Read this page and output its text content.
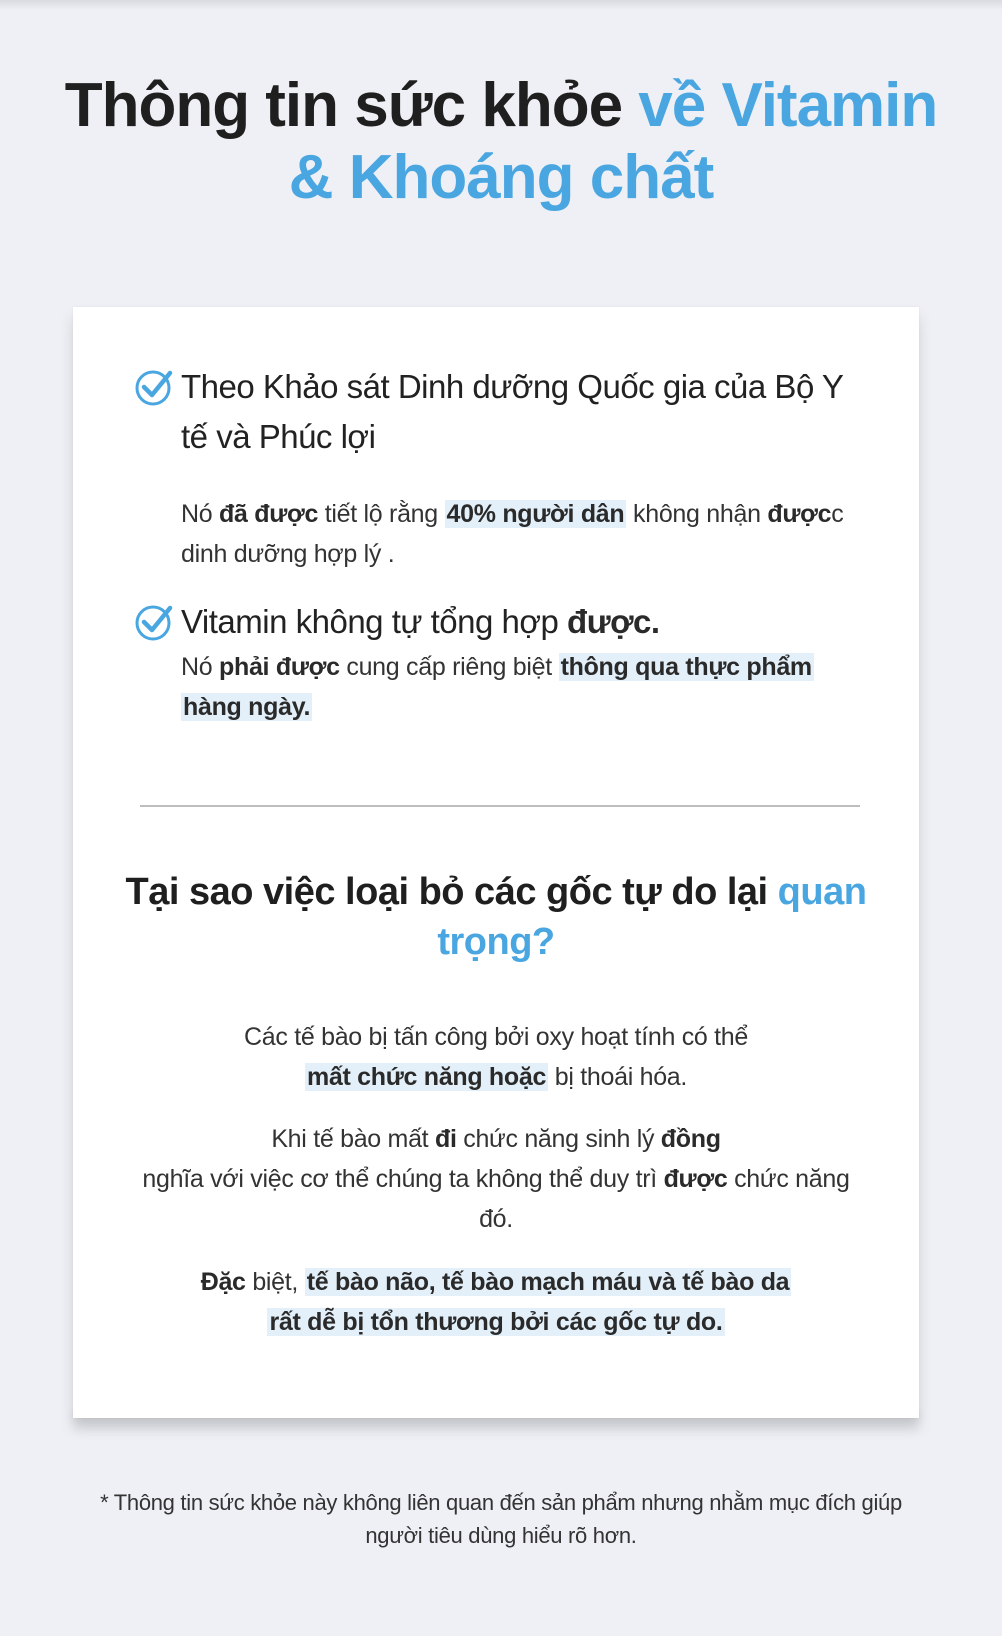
Thông tin sức khỏe về Vitamin
& Khoáng chất
Theo Khảo sát Dinh dưỡng Quốc gia của Bộ Y
tế và Phúc lợi
Nó đã được tiết lộ rằng 40% người dân không nhận đượcc
dinh dưỡng hợp lý .
Vitamin không tự tổng hợp được.
Nó phải được cung cấp riêng biệt thông qua thực phẩm
hàng ngày.
Tại sao việc loại bỏ các gốc tự do lại quan
trọng?
Các tế bào bị tấn công bởi oxy hoạt tính có thể
mất chức năng hoặc bị thoái hóa.
Khi tế bào mất đi chức năng sinh lý đồng
nghĩa với việc cơ thể chúng ta không thể duy trì được chức năng
đó.
Đặc biệt, tế bào não, tế bào mạch máu và tế bào da
rất dễ bị tổn thương bởi các gốc tự do.
* Thông tin sức khỏe này không liên quan đến sản phẩm nhưng nhằm mục đích giúp
người tiêu dùng hiểu rõ hơn.
